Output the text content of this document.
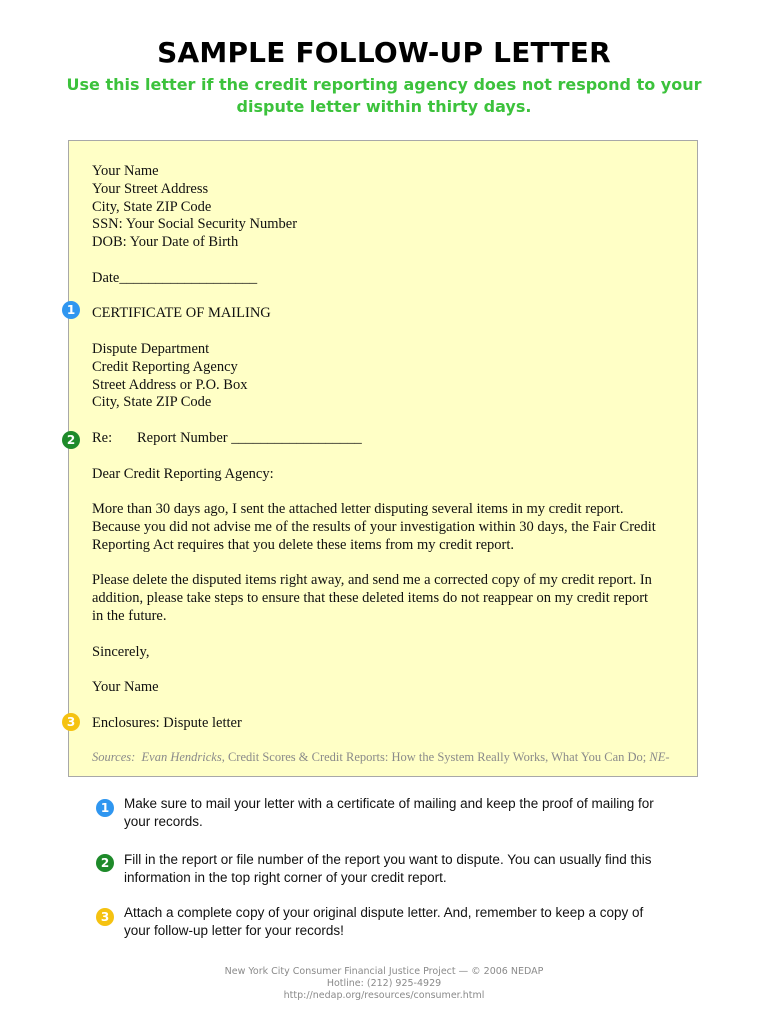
SAMPLE FOLLOW-UP LETTER
Use this letter if the credit reporting agency does not respond to your dispute letter within thirty days.
Your Name
Your Street Address
City, State ZIP Code
SSN: Your Social Security Number
DOB: Your Date of Birth
Date___________________
CERTIFICATE OF MAILING
Dispute Department
Credit Reporting Agency
Street Address or P.O. Box
City, State ZIP Code
Re: Report Number __________________
Dear Credit Reporting Agency:
More than 30 days ago, I sent the attached letter disputing several items in my credit report.
Because you did not advise me of the results of your investigation within 30 days, the Fair Credit
Reporting Act requires that you delete these items from my credit report.
Please delete the disputed items right away, and send me a corrected copy of my credit report. In
addition, please take steps to ensure that these deleted items do not reappear on my credit report
in the future.
Sincerely,
Your Name
Enclosures: Dispute letter
Sources: Evan Hendricks, Credit Scores & Credit Reports: How the System Really Works, What You Can Do; NE-
1
2
3
1	Make sure to mail your letter with a certificate of mailing and keep the proof of mailing for
your records.
2	Fill in the report or file number of the report you want to dispute. You can usually find this
information in the top right corner of your credit report.
3	Attach a complete copy of your original dispute letter. And, remember to keep a copy of
your follow-up letter for your records!
New York City Consumer Financial Justice Project — © 2006 NEDAP
Hotline: (212) 925-4929
http://nedap.org/resources/consumer.html
